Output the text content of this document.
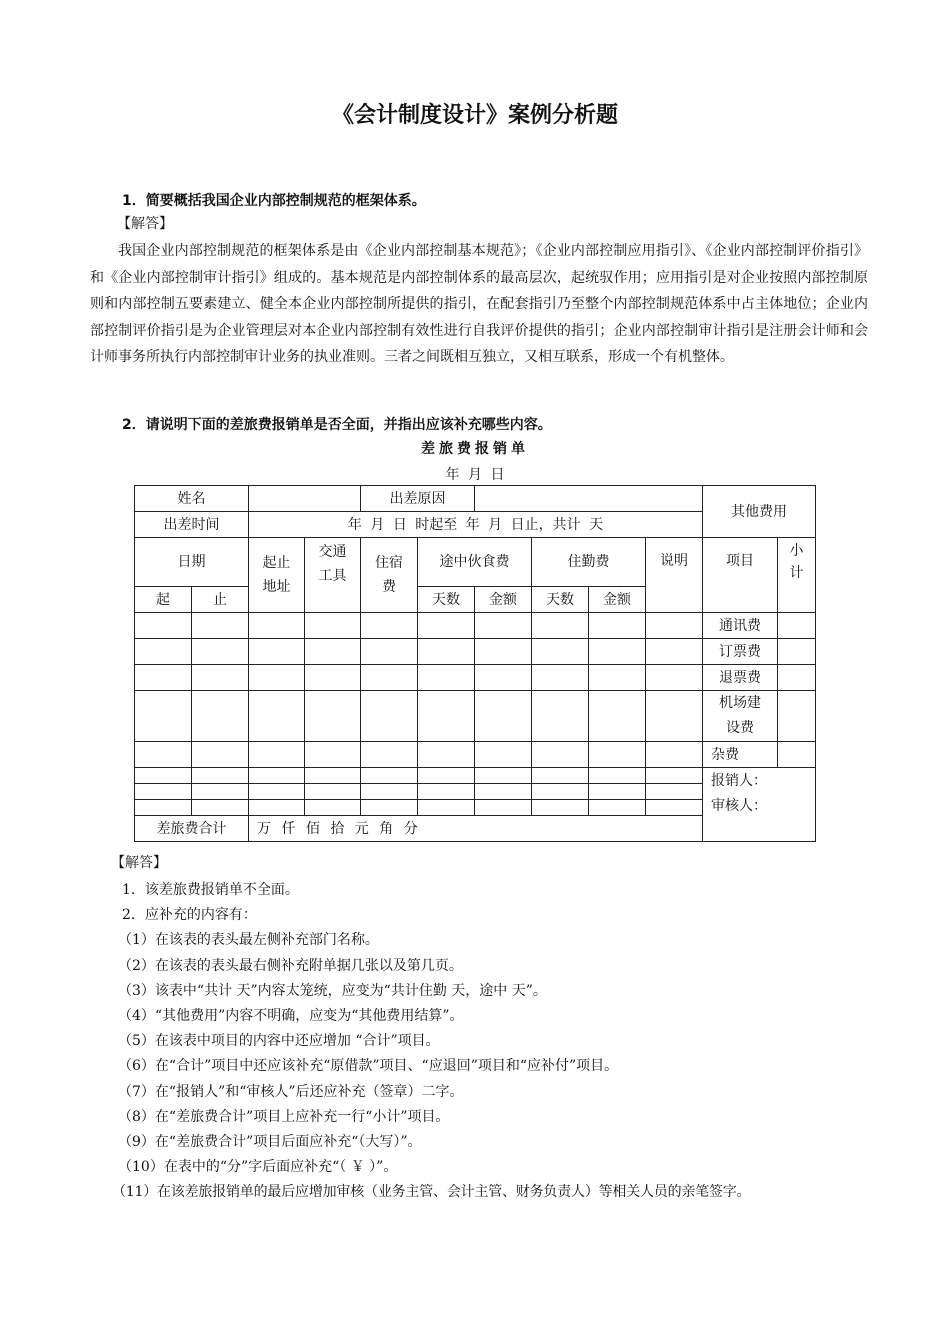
《会计制度设计》案例分析题
1．简要概括我国企业内部控制规范的框架体系。
【解答】
我国企业内部控制规范的框架体系是由《企业内部控制基本规范》；《企业内部控制应用指引》、《企业内部控制评价指引》和《企业内部控制审计指引》组成的。基本规范是内部控制体系的最高层次，起统驭作用；应用指引是对企业按照内部控制原则和内部控制五要素建立、健全本企业内部控制所提供的指引，在配套指引乃至整个内部控制规范体系中占主体地位；企业内部控制评价指引是为企业管理层对本企业内部控制有效性进行自我评价提供的指引；企业内部控制审计指引是注册会计师和会计师事务所执行内部控制审计业务的执业准则。三者之间既相互独立，又相互联系，形成一个有机整体。
2．请说明下面的差旅费报销单是否全面，并指出应该补充哪些内容。
差旅费报销单
年 月 日
姓名				出差原因						其他费用	
出差时间		年 月 日 时起至 年 月 日止，共计 天									
日期		起止地址	交通工具	住宿费	途中伙食费		住勤费		说明	项目	小计

起	止				天数	金额	天数	金额			
										通讯费	
										订票费	
										退票费	

										机场建设费	

										杂费	

										报销人：
审核人：	

差旅费合计		万 仟 佰 拾 元 角 分									
【解答】
1．该差旅费报销单不全面。
2．应补充的内容有：
（1）在该表的表头最左侧补充部门名称。
（2）在该表的表头最右侧补充附单据几张以及第几页。
（3）该表中“共计 天”内容太笼统，应变为“共计住勤 天，途中 天”。
（4）“其他费用”内容不明确，应变为“其他费用结算”。
（5）在该表中项目的内容中还应增加 “合计”项目。
（6）在“合计”项目中还应该补充“原借款”项目、“应退回”项目和“应补付”项目。
（7）在“报销人”和“审核人”后还应补充（签章）二字。
（8）在“差旅费合计”项目上应补充一行“小计”项目。
（9）在“差旅费合计”项目后面应补充“（大写）”。
（10）在表中的“分”字后面应补充“（ ￥ ）”。
（11）在该差旅报销单的最后应增加审核（业务主管、会计主管、财务负责人）等相关人员的亲笔签字。
